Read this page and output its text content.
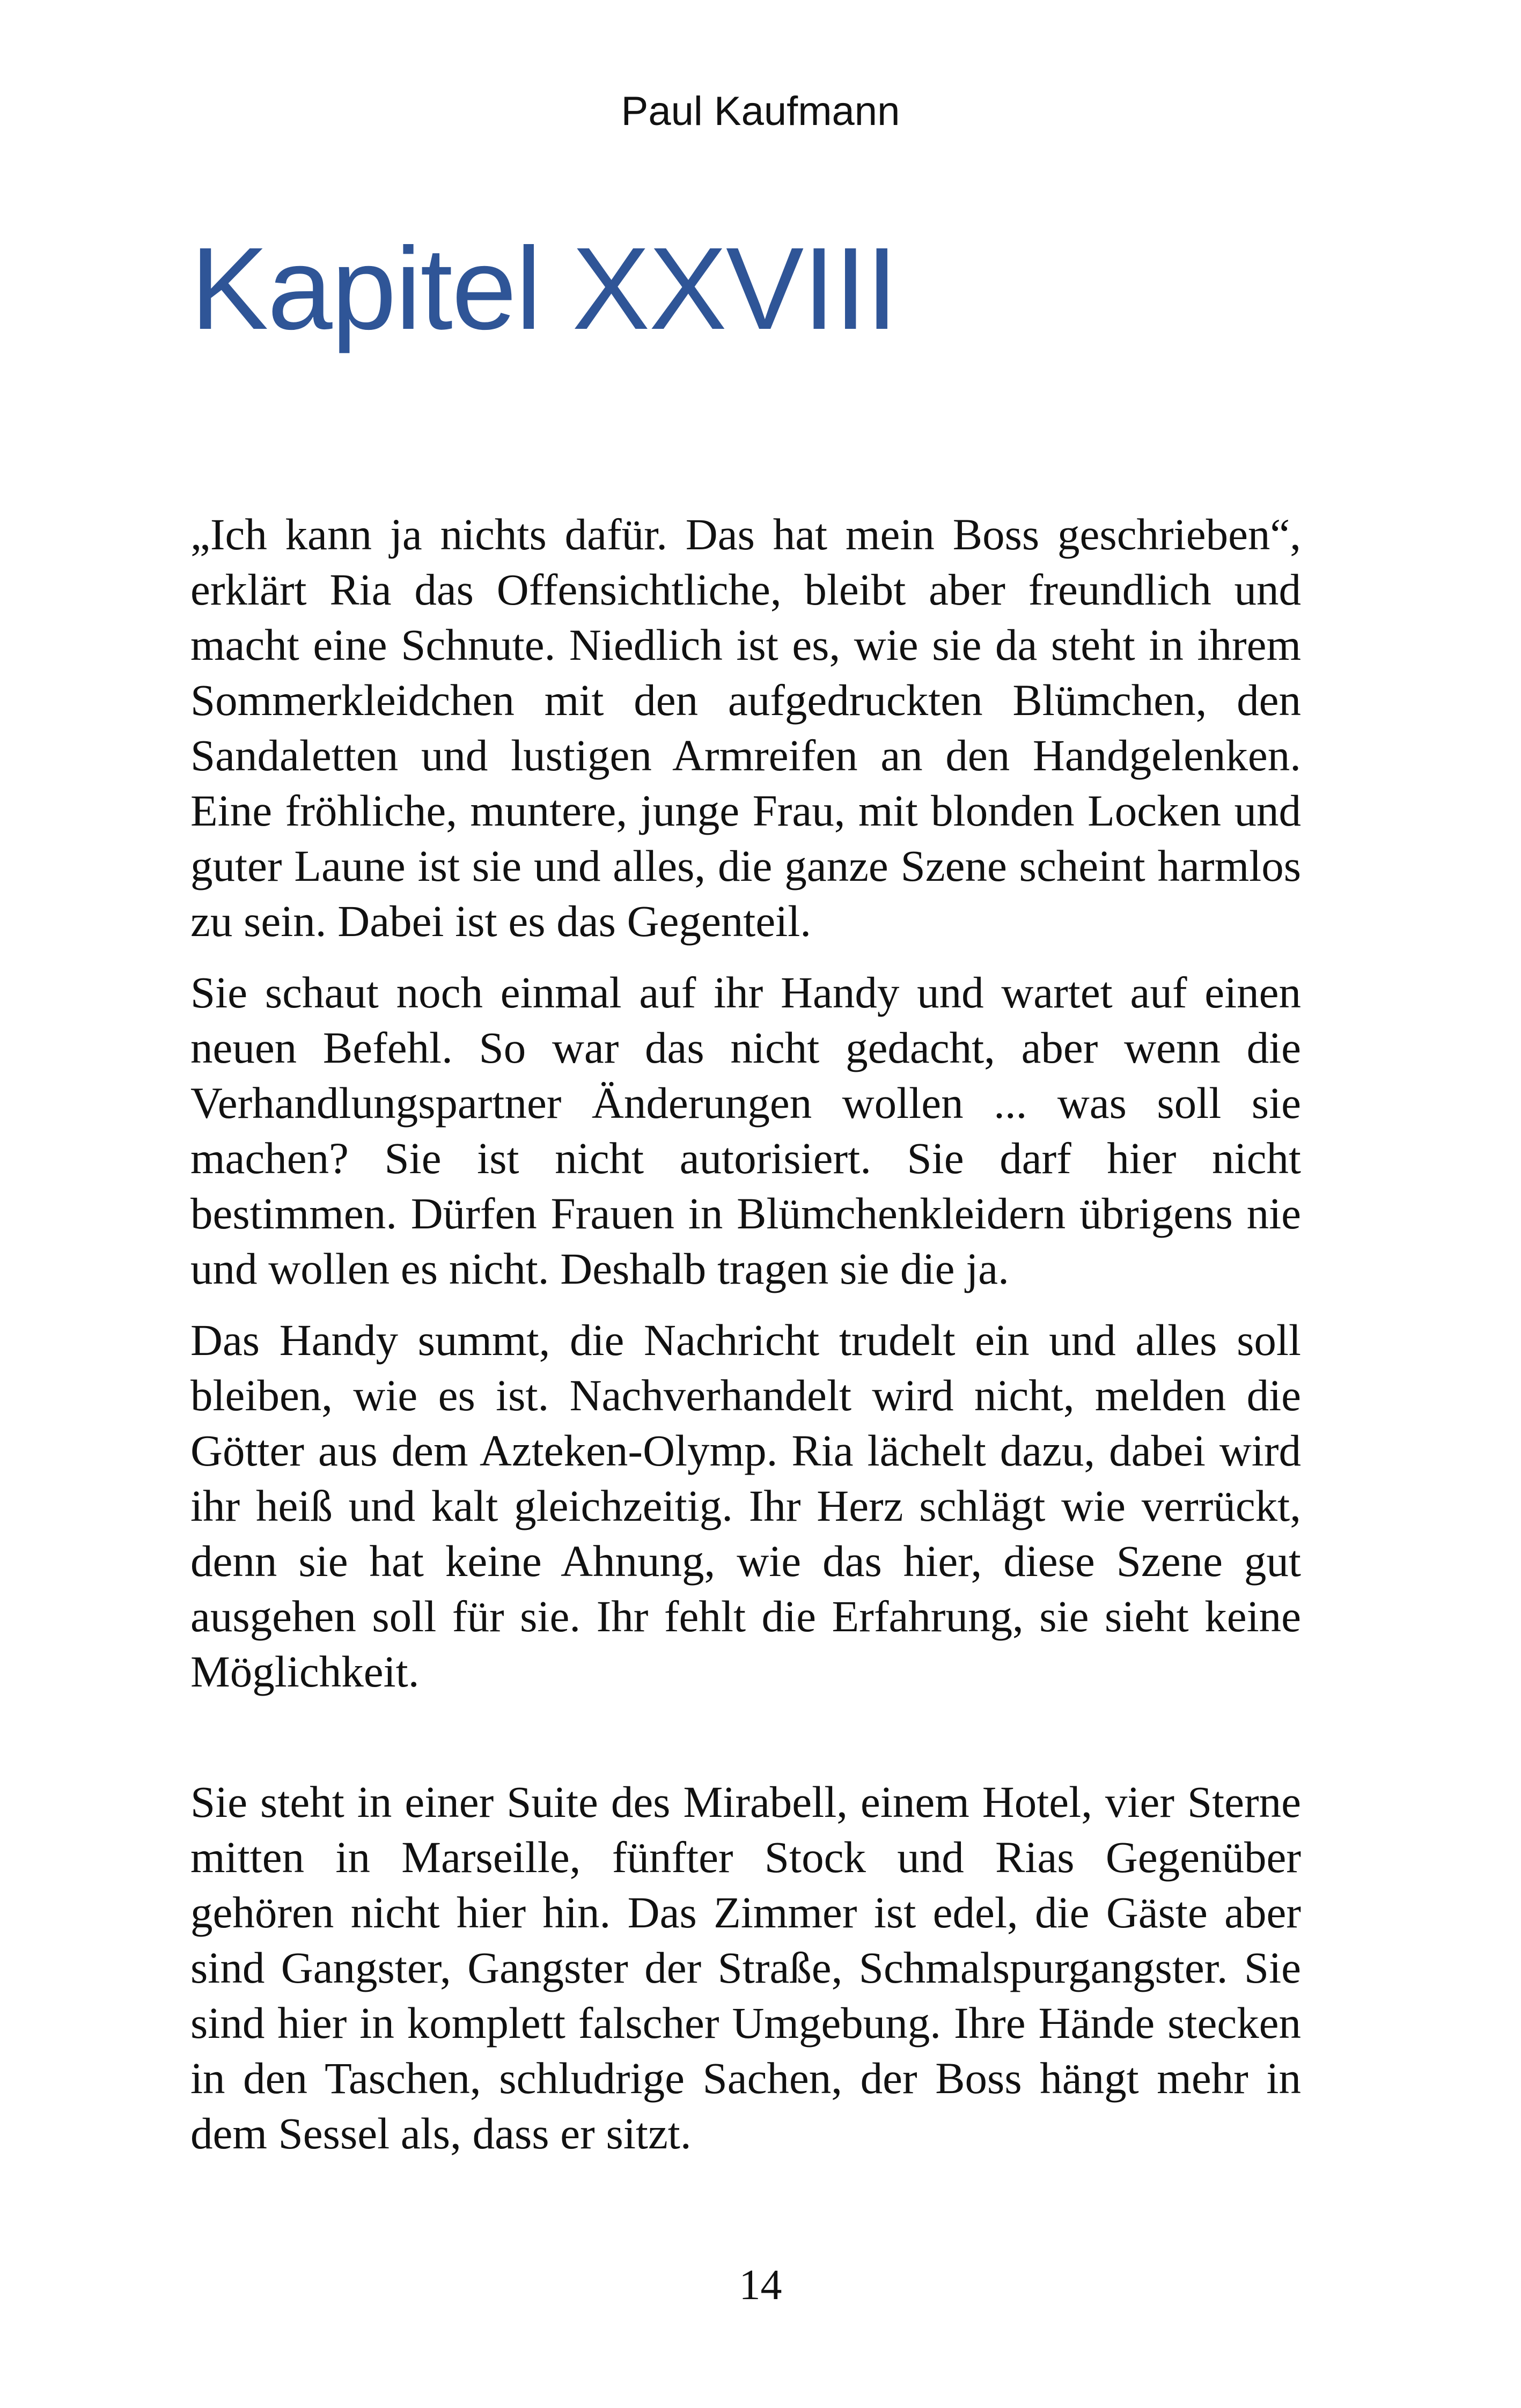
Paul Kaufmann
Kapitel XXVIII

„Ich kann ja nichts dafür. Das hat mein Boss geschrieben“, erklärt Ria das Offensichtliche, bleibt aber freundlich und macht eine Schnute. Niedlich ist es, wie sie da steht in ihrem Sommerkleidchen mit den aufgedruckten Blümchen, den Sandaletten und lustigen Armreifen an den Handgelenken. Eine fröhliche, muntere, junge Frau, mit blonden Locken und guter Laune ist sie und alles, die ganze Szene scheint harmlos zu sein. Dabei ist es das Gegenteil.

Sie schaut noch einmal auf ihr Handy und wartet auf einen neuen Befehl. So war das nicht gedacht, aber wenn die Verhandlungspartner Änderungen wollen ... was soll sie machen? Sie ist nicht autorisiert. Sie darf hier nicht bestimmen. Dürfen Frauen in Blümchenkleidern übrigens nie und wollen es nicht. Deshalb tragen sie die ja.

Das Handy summt, die Nachricht trudelt ein und alles soll bleiben, wie es ist. Nachverhandelt wird nicht, melden die Götter aus dem Azteken-Olymp. Ria lächelt dazu, dabei wird ihr heiß und kalt gleichzeitig. Ihr Herz schlägt wie verrückt, denn sie hat keine Ahnung, wie das hier, diese Szene gut ausgehen soll für sie. Ihr fehlt die Erfahrung, sie sieht keine Möglichkeit.

Sie steht in einer Suite des Mirabell, einem Hotel, vier Sterne mitten in Marseille, fünfter Stock und Rias Gegenüber gehören nicht hier hin. Das Zimmer ist edel, die Gäste aber sind Gangster, Gangster der Straße, Schmalspurgangster. Sie sind hier in komplett falscher Umgebung. Ihre Hände stecken in den Taschen, schludrige Sachen, der Boss hängt mehr in dem Sessel als, dass er sitzt.

14
